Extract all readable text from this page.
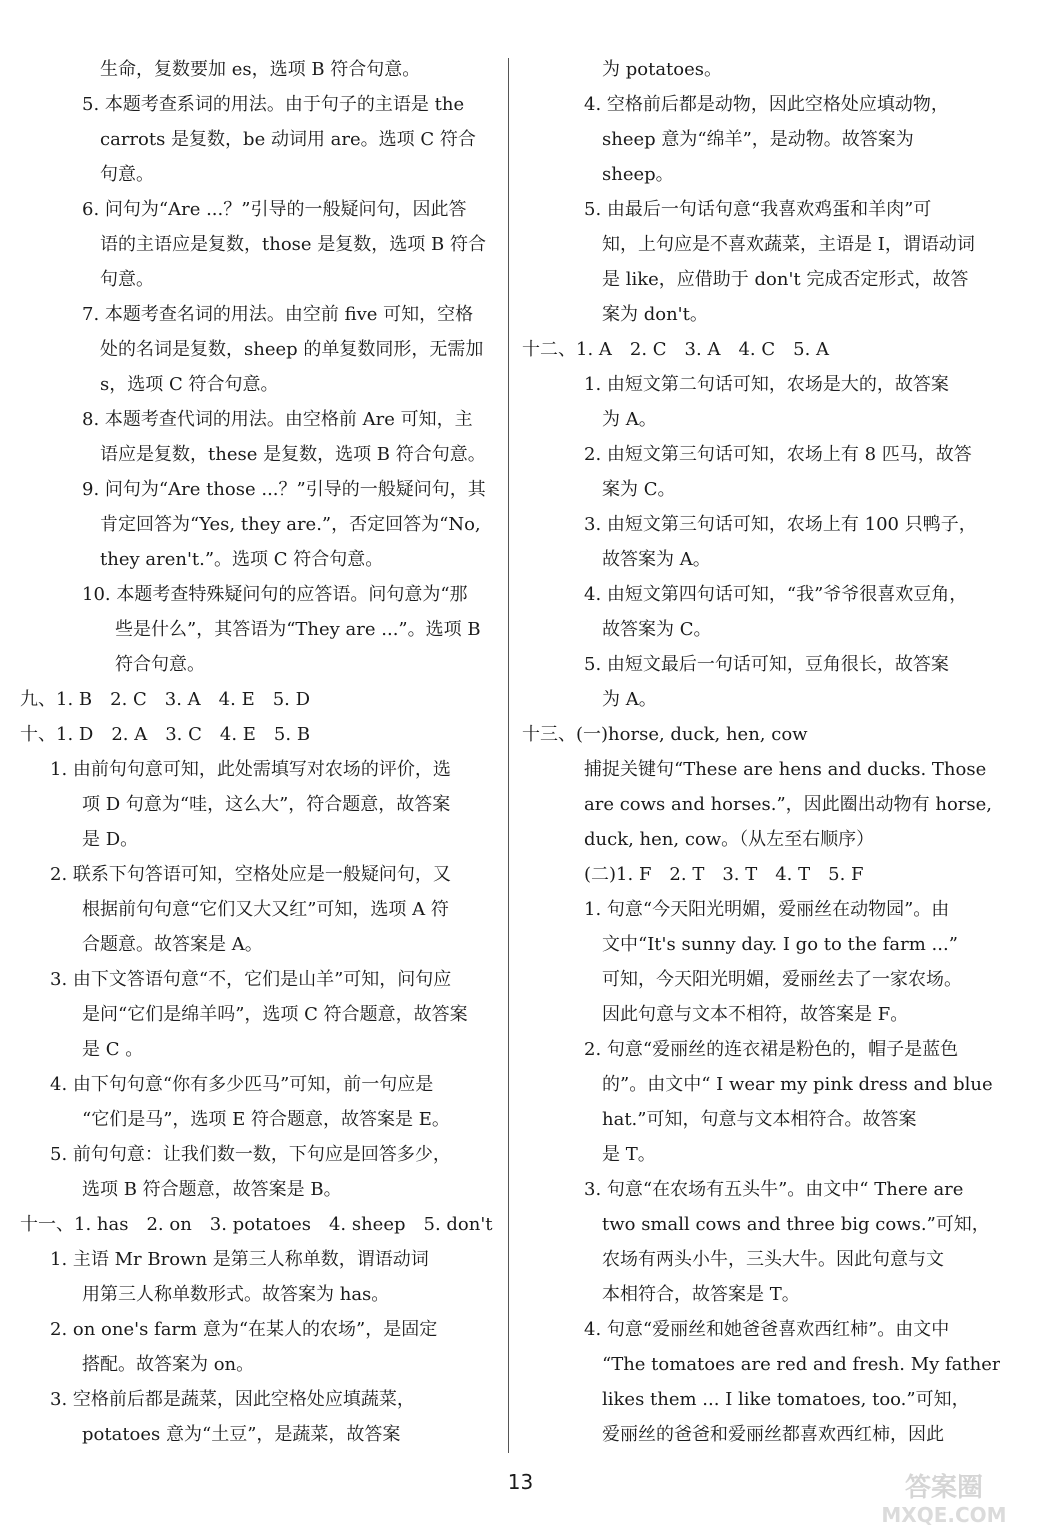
生命，复数要加 es，选项 B 符合句意。
5. 本题考查系词的用法。由于句子的主语是 the
carrots 是复数，be 动词用 are。选项 C 符合
句意。
6. 问句为“Are ...？”引导的一般疑问句，因此答
语的主语应是复数，those 是复数，选项 B 符合
句意。
7. 本题考查名词的用法。由空前 five 可知，空格
处的名词是复数，sheep 的单复数同形，无需加
s，选项 C 符合句意。
8. 本题考查代词的用法。由空格前 Are 可知，主
语应是复数，these 是复数，选项 B 符合句意。
9. 问句为“Are those ...？”引导的一般疑问句，其
肯定回答为“Yes, they are.”，否定回答为“No,
they aren't.”。选项 C 符合句意。
10. 本题考查特殊疑问句的应答语。问句意为“那
些是什么”，其答语为“They are ...”。选项 B
符合句意。
九、1. B　2. C　3. A　4. E　5. D
十、1. D　2. A　3. C　4. E　5. B
1. 由前句句意可知，此处需填写对农场的评价，选
项 D 句意为“哇，这么大”，符合题意，故答案
是 D。
2. 联系下句答语可知，空格处应是一般疑问句，又
根据前句句意“它们又大又红”可知，选项 A 符
合题意。故答案是 A。
3. 由下文答语句意“不，它们是山羊”可知，问句应
是问“它们是绵羊吗”，选项 C 符合题意，故答案
是 C 。
4. 由下句句意“你有多少匹马”可知，前一句应是
“它们是马”，选项 E 符合题意，故答案是 E。
5. 前句句意：让我们数一数，下句应是回答多少，
选项 B 符合题意，故答案是 B。
十一、1. has　2. on　3. potatoes　4. sheep　5. don't
1. 主语 Mr Brown 是第三人称单数，谓语动词
用第三人称单数形式。故答案为 has。
2. on one's farm 意为“在某人的农场”，是固定
搭配。故答案为 on。
3. 空格前后都是蔬菜，因此空格处应填蔬菜，
potatoes 意为“土豆”，是蔬菜，故答案
为 potatoes。
4. 空格前后都是动物，因此空格处应填动物，
sheep 意为“绵羊”，是动物。故答案为
sheep。
5. 由最后一句话句意“我喜欢鸡蛋和羊肉”可
知，上句应是不喜欢蔬菜，主语是 I，谓语动词
是 like，应借助于 don't 完成否定形式，故答
案为 don't。
十二、1. A　2. C　3. A　4. C　5. A
1. 由短文第二句话可知，农场是大的，故答案
为 A。
2. 由短文第三句话可知，农场上有 8 匹马，故答
案为 C。
3. 由短文第三句话可知，农场上有 100 只鸭子，
故答案为 A。
4. 由短文第四句话可知，“我”爷爷很喜欢豆角，
故答案为 C。
5. 由短文最后一句话可知，豆角很长，故答案
为 A。
十三、(一)horse, duck, hen, cow
捕捉关键句“These are hens and ducks. Those
are cows and horses.”，因此圈出动物有 horse,
duck, hen, cow。（从左至右顺序）
(二)1. F　2. T　3. T　4. T　5. F
1. 句意“今天阳光明媚，爱丽丝在动物园”。由
文中“It's sunny day. I go to the farm ...”
可知，今天阳光明媚，爱丽丝去了一家农场。
因此句意与文本不相符，故答案是 F。
2. 句意“爱丽丝的连衣裙是粉色的，帽子是蓝色
的”。由文中“ I wear my pink dress and blue
hat.”可知，句意与文本相符合。故答案
是 T。
3. 句意“在农场有五头牛”。由文中“ There are
two small cows and three big cows.”可知，
农场有两头小牛，三头大牛。因此句意与文
本相符合，故答案是 T。
4. 句意“爱丽丝和她爸爸喜欢西红柿”。由文中
“The tomatoes are red and fresh. My father
likes them ... I like tomatoes, too.”可知，
爱丽丝的爸爸和爱丽丝都喜欢西红柿，因此
13	答案圈
MXQE.COM
